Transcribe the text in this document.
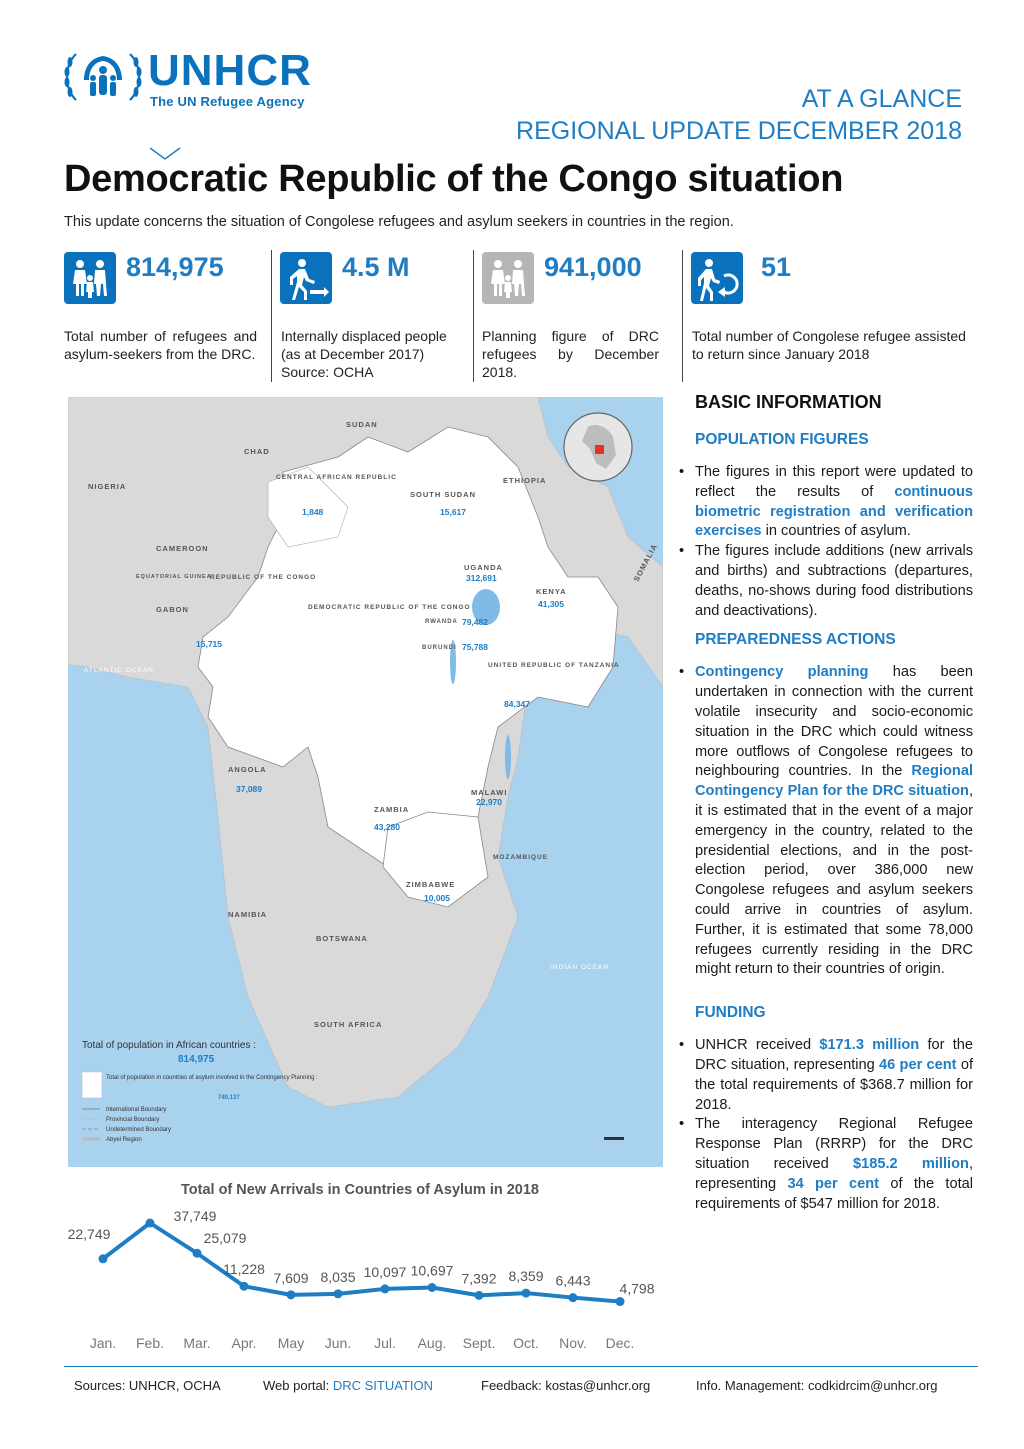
UNHCR
The UN Refugee Agency	AT A GLANCE
REGIONAL UPDATE DECEMBER 2018
Democratic Republic of the Congo situation
This update concerns the situation of Congolese refugees and asylum seekers in countries in the region.
814,975
Total number of refugees and asylum-seekers from the DRC.
4.5 M
Internally displaced people
(as at December 2017)
Source: OCHA
941,000
Planning figure of DRC refugees by December 2018.
51
Total number of Congolese refugee assisted to return since January 2018
SUDAN
CHAD
NIGERIA
ETHIOPIA
CENTRAL AFRICAN REPUBLIC
SOUTH SUDAN
CAMEROON
EQUATORIAL GUINEA
GABON
REPUBLIC OF THE CONGO
DEMOCRATIC REPUBLIC OF THE CONGO
UGANDA
KENYA
RWANDA
BURUNDI
UNITED REPUBLIC OF TANZANIA
ANGOLA
ZAMBIA
MALAWI
MOZAMBIQUE
ZIMBABWE
NAMIBIA
BOTSWANA
SOUTH AFRICA
ATLANTIC OCEAN
INDIAN OCEAN
SOMALIA
1,848	15,617
312,691
41,305
15,715
79,482
75,788
84,347
37,089
43,280
22,970
10,005
Total of population in African countries :
814,975
Total of population in countries of asylum involved in the Contingency Planning :
740,137
International Boundary
Provincial Boundary
Undetermined Boundary
Abyei Region
BASIC INFORMATION
POPULATION FIGURES
• The figures in this report were updated to reflect the results of continuous biometric registration and verification exercises in countries of asylum.
• The figures include additions (new arrivals and births) and subtractions (departures, deaths, no-shows during food distributions and deactivations).
PREPAREDNESS ACTIONS
• Contingency planning has been undertaken in connection with the current volatile insecurity and socio-economic situation in the DRC which could witness more outflows of Congolese refugees to neighbouring countries. In the Regional Contingency Plan for the DRC situation, it is estimated that in the event of a major emergency in the country, related to the presidential elections, and in the post-election period, over 386,000 new Congolese refugees and asylum seekers could arrive in countries of asylum. Further, it is estimated that some 78,000 refugees currently residing in the DRC might return to their countries of origin.
FUNDING
• UNHCR received $171.3 million for the DRC situation, representing 46 per cent of the total requirements of $368.7 million for 2018.
• The interagency Regional Refugee Response Plan (RRRP) for the DRC situation received $185.2 million, representing 34 per cent of the total requirements of $547 million for 2018.
Total of New Arrivals in Countries of Asylum in 2018
22,749
37,749
25,079
11,228
7,609 8,035 10,097 10,697 7,392 8,359 6,443 4,798
Jan. Feb. Mar. Apr. May Jun. Jul. Aug. Sept. Oct. Nov. Dec.
Sources: UNHCR, OCHA	Web portal: DRC SITUATION	Feedback: kostas@unhcr.org	Info. Management: codkidrcim@unhcr.org
